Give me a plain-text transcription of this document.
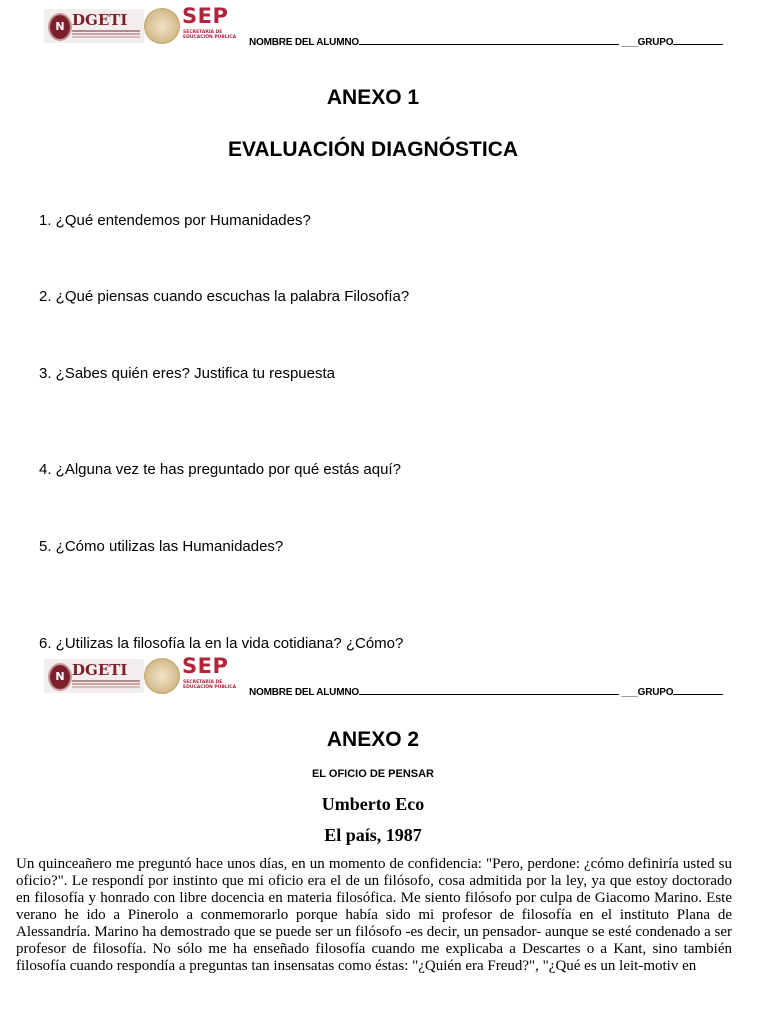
N DGETI	SEP
SECRETARÍA DE EDUCACIÓN PÚBLICA	NOMBRE DEL ALUMNO	___GRUPO
ANEXO 1
EVALUACIÓN DIAGNÓSTICA
1. ¿Qué entendemos por Humanidades?
2. ¿Qué piensas cuando escuchas la palabra Filosofía?
3. ¿Sabes quién eres? Justifica tu respuesta
4. ¿Alguna vez te has preguntado por qué estás aquí?
5. ¿Cómo utilizas las Humanidades?
6. ¿Utilizas la filosofía la en la vida cotidiana? ¿Cómo?
N DGETI	SEP
SECRETARÍA DE EDUCACIÓN PÚBLICA	NOMBRE DEL ALUMNO	___GRUPO
ANEXO 2
EL OFICIO DE PENSAR
Umberto Eco
El país, 1987
Un quinceañero me preguntó hace unos días, en un momento de confidencia: "Pero, perdone: ¿cómo definiría usted su oficio?". Le respondí por instinto que mi oficio era el de un filósofo, cosa admitida por la ley, ya que estoy doctorado en filosofía y honrado con libre docencia en materia filosófica. Me siento filósofo por culpa de Giacomo Marino. Este verano he ido a Pinerolo a conmemorarlo porque había sido mi profesor de filosofía en el instituto Plana de Alessandría. Marino ha demostrado que se puede ser un filósofo -es decir, un pensador- aunque se esté condenado a ser profesor de filosofía. No sólo me ha enseñado filosofía cuando me explicaba a Descartes o a Kant, sino también filosofía cuando respondía a preguntas tan insensatas como éstas: "¿Quién era Freud?", "¿Qué es un leit-motiv en
